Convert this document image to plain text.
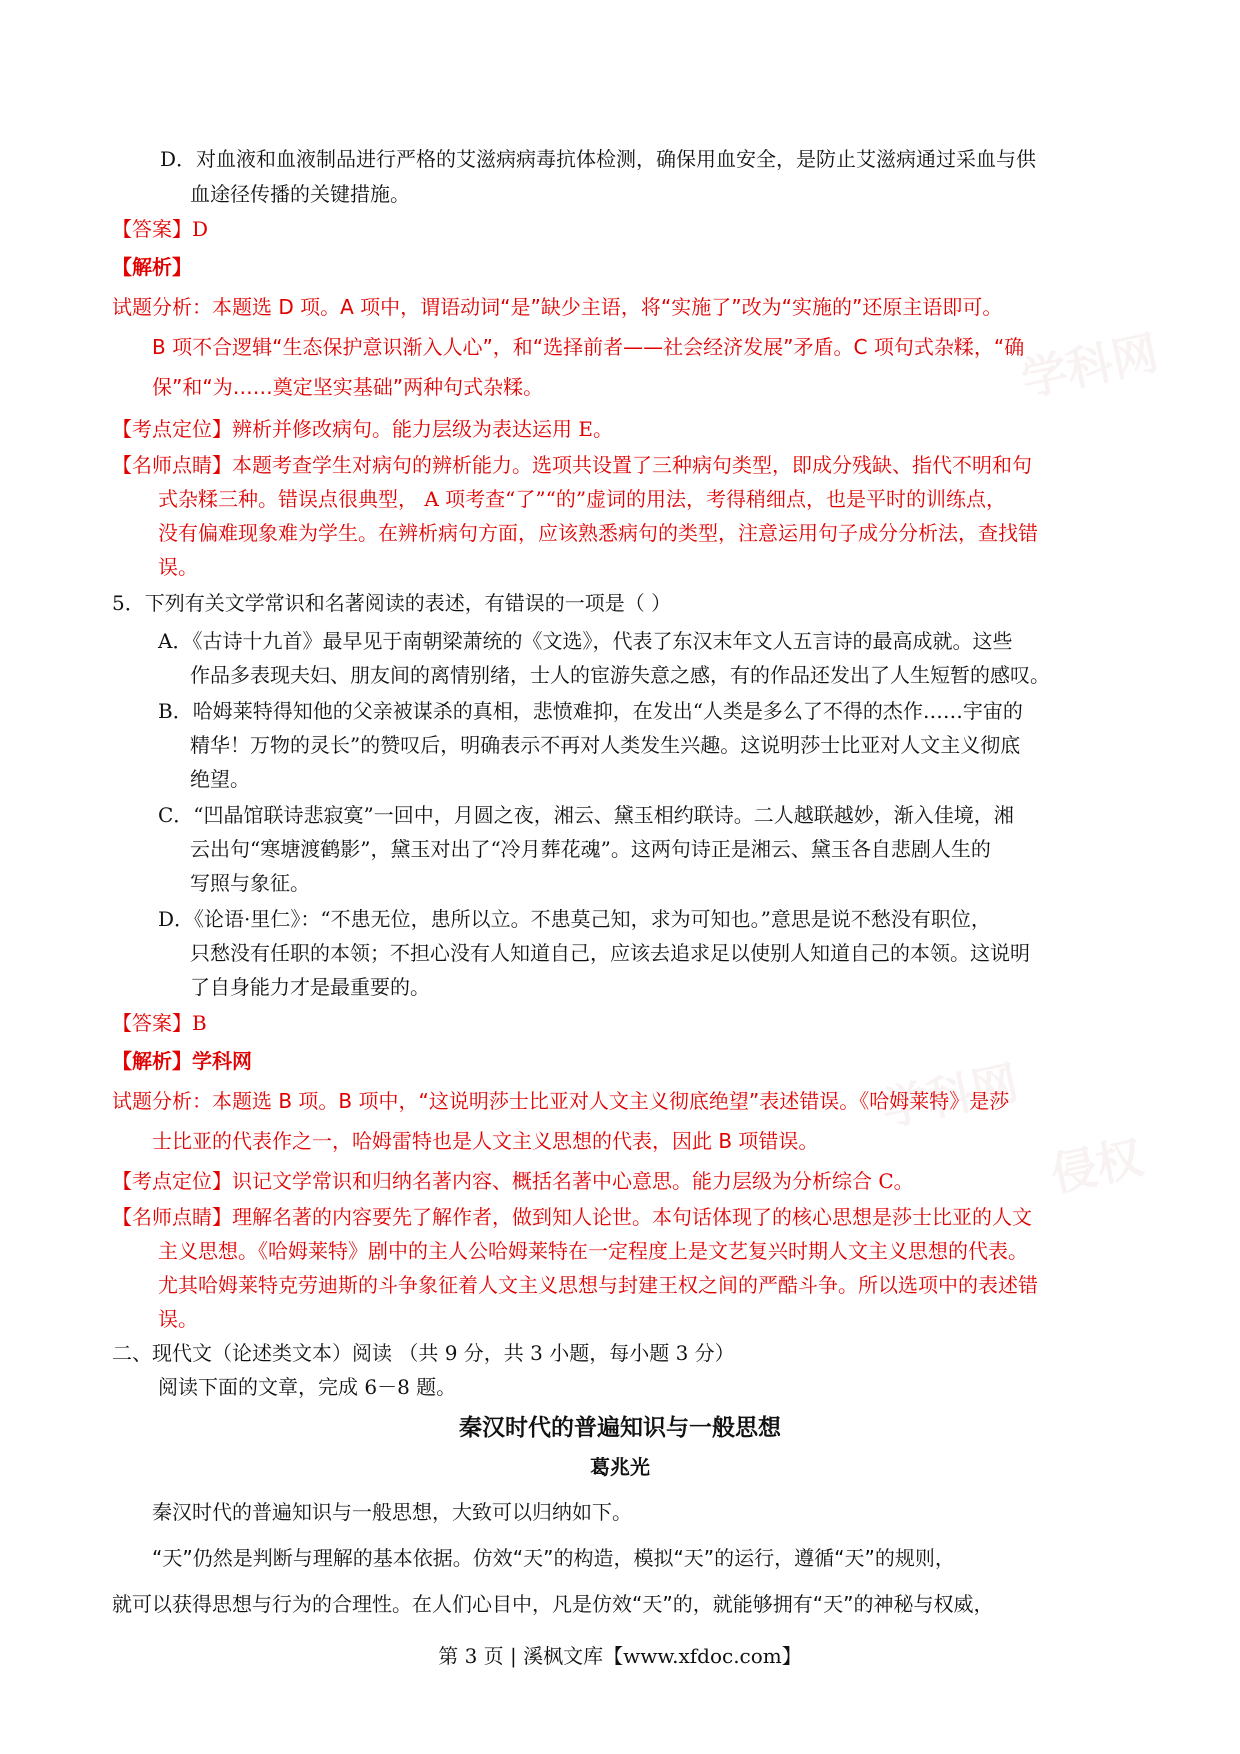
学科网
学科网
侵权
D．对血液和血液制品进行严格的艾滋病病毒抗体检测，确保用血安全，是防止艾滋病通过采血与供
血途径传播的关键措施。
【答案】D
【解析】
试题分析：本题选 D 项。A 项中，谓语动词“是”缺少主语，将“实施了”改为“实施的”还原主语即可。
B 项不合逻辑“生态保护意识渐入人心”，和“选择前者——社会经济发展”矛盾。C 项句式杂糅，“确
保”和“为……奠定坚实基础”两种句式杂糅。
【考点定位】辨析并修改病句。能力层级为表达运用 E。
【名师点睛】本题考查学生对病句的辨析能力。选项共设置了三种病句类型，即成分残缺、指代不明和句
式杂糅三种。错误点很典型， A 项考查“了”“的”虚词的用法，考得稍细点，也是平时的训练点，
没有偏难现象难为学生。在辨析病句方面，应该熟悉病句的类型，注意运用句子成分分析法，查找错
误。
5．下列有关文学常识和名著阅读的表述，有错误的一项是（ ）
A．《古诗十九首》最早见于南朝梁萧统的《文选》，代表了东汉末年文人五言诗的最高成就。这些
作品多表现夫妇、朋友间的离情别绪，士人的宦游失意之感，有的作品还发出了人生短暂的感叹。
B．哈姆莱特得知他的父亲被谋杀的真相，悲愤难抑，在发出“人类是多么了不得的杰作……宇宙的
精华！万物的灵长”的赞叹后，明确表示不再对人类发生兴趣。这说明莎士比亚对人文主义彻底
绝望。
C．“凹晶馆联诗悲寂寞”一回中，月圆之夜，湘云、黛玉相约联诗。二人越联越妙，渐入佳境，湘
云出句“寒塘渡鹤影”，黛玉对出了“冷月葬花魂”。这两句诗正是湘云、黛玉各自悲剧人生的
写照与象征。
D．《论语·里仁》：“不患无位，患所以立。不患莫己知，求为可知也。”意思是说不愁没有职位，
只愁没有任职的本领；不担心没有人知道自己，应该去追求足以使别人知道自己的本领。这说明
了自身能力才是最重要的。
【答案】B
【解析】学科网
试题分析：本题选 B 项。B 项中，“这说明莎士比亚对人文主义彻底绝望”表述错误。《哈姆莱特》是莎
士比亚的代表作之一，哈姆雷特也是人文主义思想的代表，因此 B 项错误。
【考点定位】识记文学常识和归纳名著内容、概括名著中心意思。能力层级为分析综合 C。
【名师点睛】理解名著的内容要先了解作者，做到知人论世。本句话体现了的核心思想是莎士比亚的人文
主义思想。《哈姆莱特》剧中的主人公哈姆莱特在一定程度上是文艺复兴时期人文主义思想的代表。
尤其哈姆莱特克劳迪斯的斗争象征着人文主义思想与封建王权之间的严酷斗争。所以选项中的表述错
误。
二、现代文（论述类文本）阅读 （共 9 分，共 3 小题，每小题 3 分）
阅读下面的文章，完成 6－8 题。
秦汉时代的普遍知识与一般思想
葛兆光
秦汉时代的普遍知识与一般思想，大致可以归纳如下。
“天”仍然是判断与理解的基本依据。仿效“天”的构造，模拟“天”的运行，遵循“天”的规则，
就可以获得思想与行为的合理性。在人们心目中，凡是仿效“天”的，就能够拥有“天”的神秘与权威，
第 3 页 | 溪枫文库【www.xfdoc.com】
